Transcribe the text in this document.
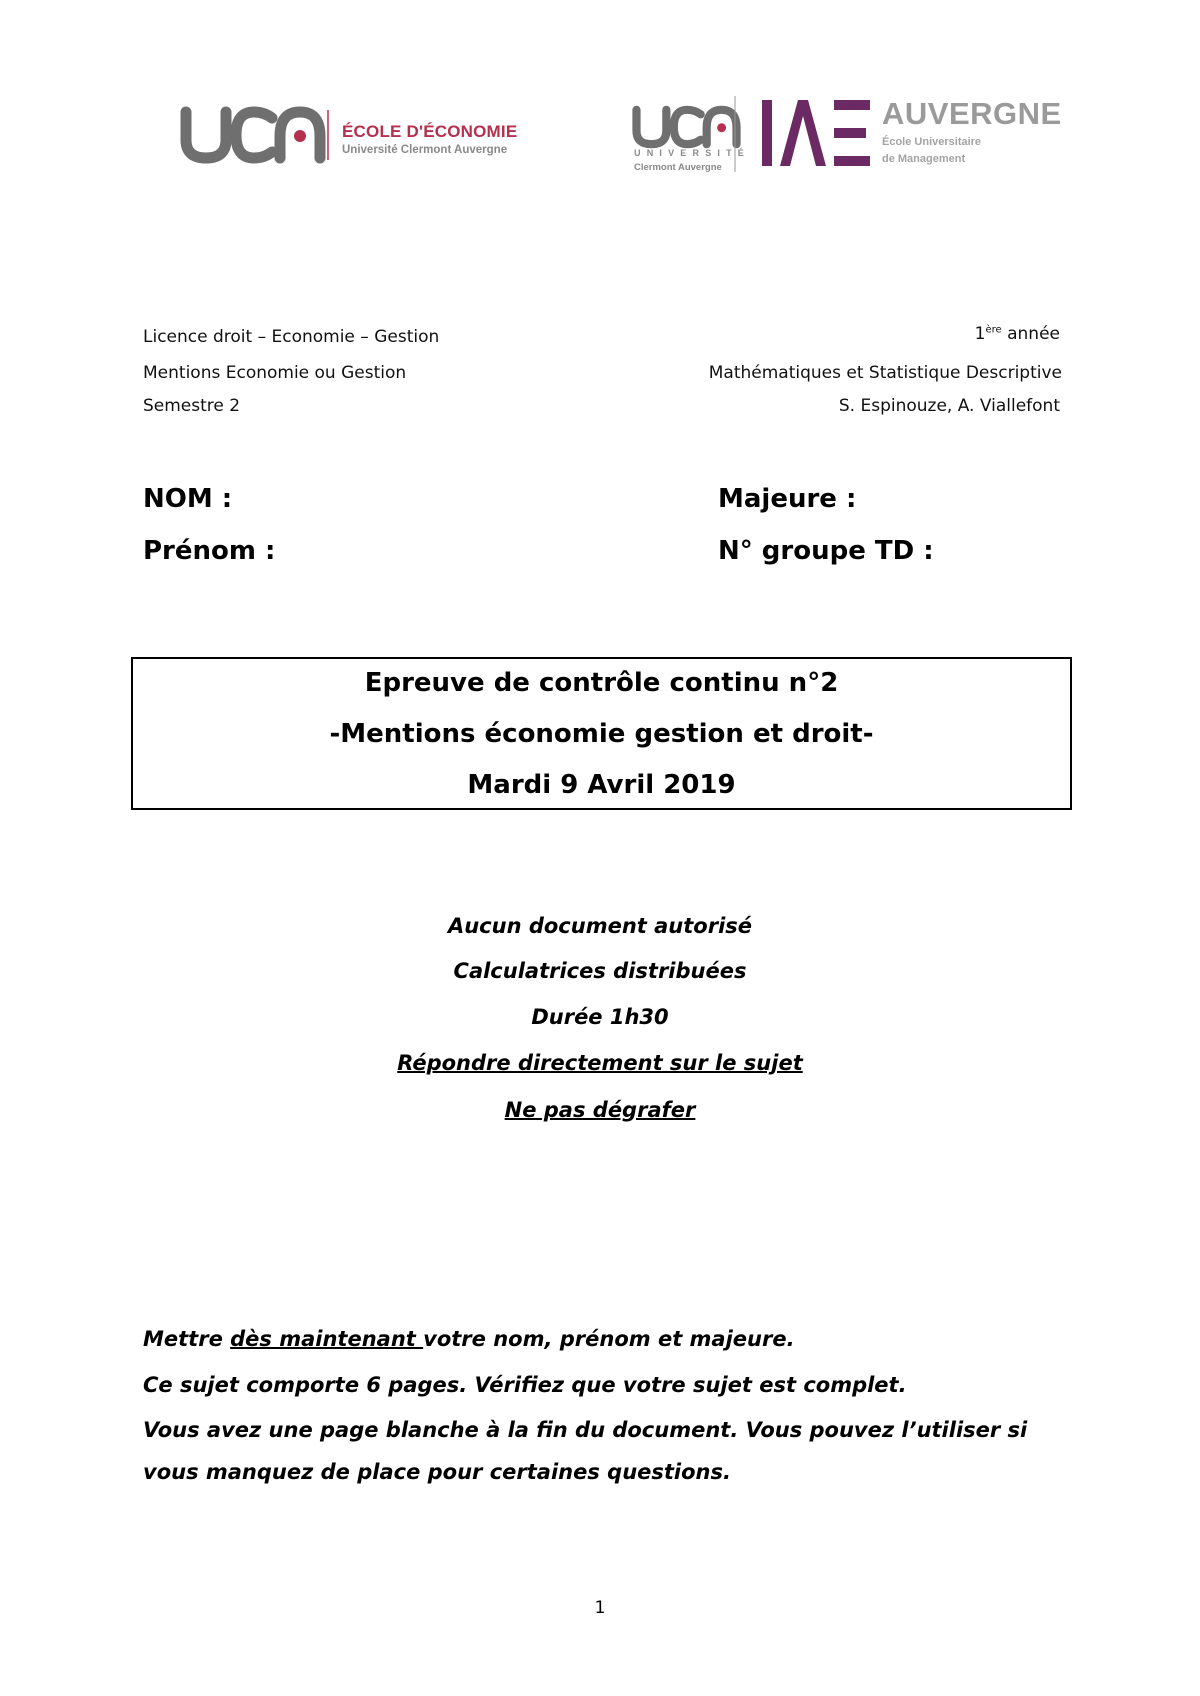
ÉCOLE D'ÉCONOMIE
Université Clermont Auvergne	UNIVERSITÉ
Clermont Auvergne
AUVERGNE
École Universitaire
de Management
Licence droit – Economie – Gestion
Mentions Economie ou Gestion
Semestre 2
1ère année
Mathématiques et Statistique Descriptive
S. Espinouze, A. Viallefont
NOM :
Prénom :
Majeure :
N° groupe TD :
Epreuve de contrôle continu n°2
-Mentions économie gestion et droit-
Mardi 9 Avril 2019
Aucun document autorisé
Calculatrices distribuées
Durée 1h30
Répondre directement sur le sujet
Ne pas dégrafer
Mettre dès maintenant votre nom, prénom et majeure.
Ce sujet comporte 6 pages. Vérifiez que votre sujet est complet.
Vous avez une page blanche à la fin du document. Vous pouvez l’utiliser si
vous manquez de place pour certaines questions.
1
